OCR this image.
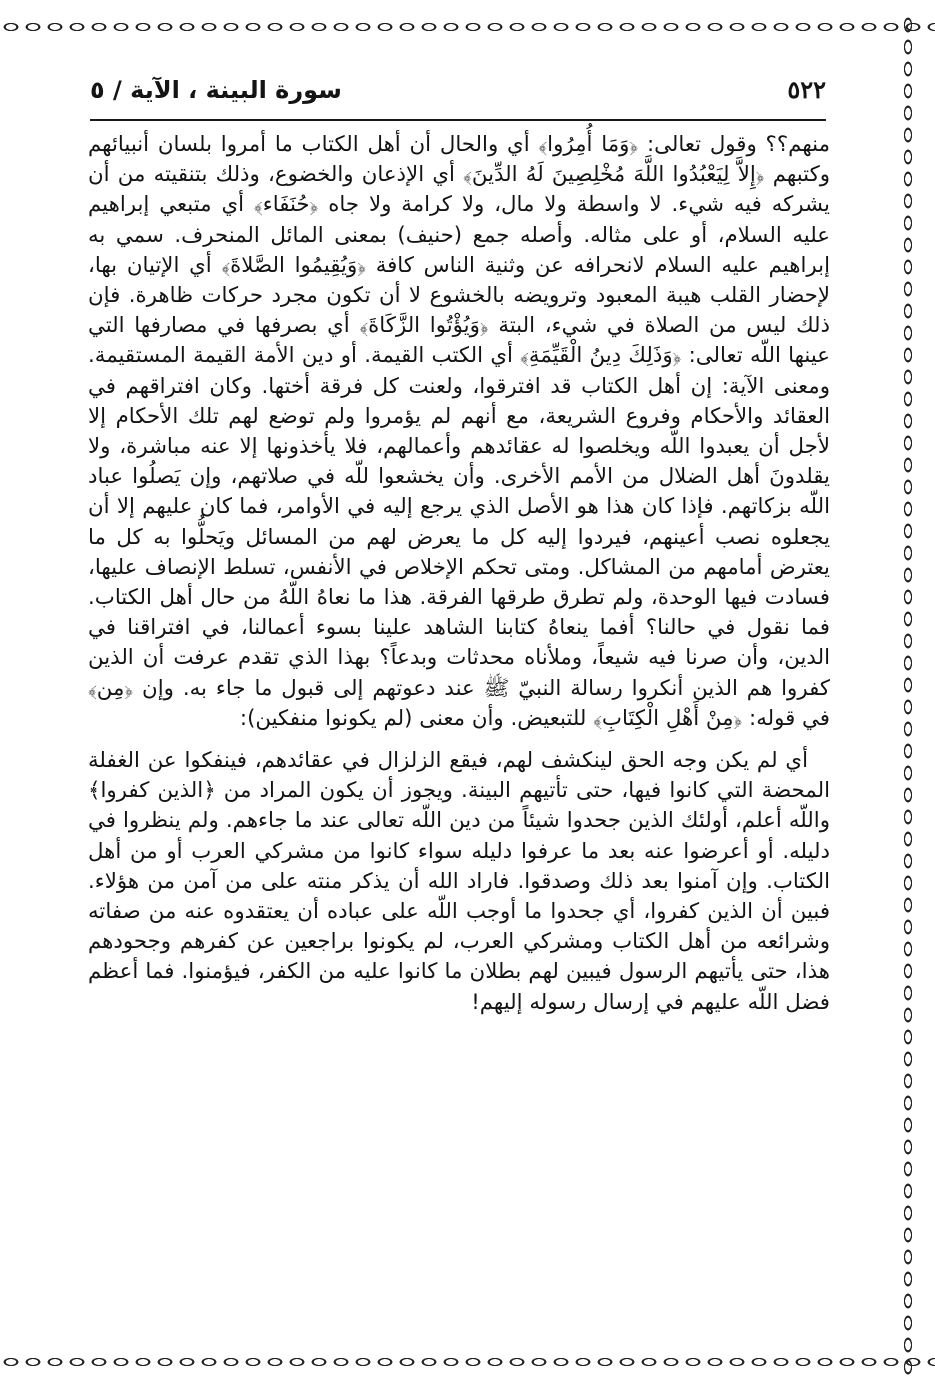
٥٢٢
سورة البينة ، الآية / ٥

منهم؟؟ وقول تعالى: ﴿وَمَا أُمِرُوا﴾ أي والحال أن أهل الكتاب ما أمروا بلسان أنبيائهم وكتبهم ﴿إِلاَّ لِيَعْبُدُوا اللَّهَ مُخْلِصِينَ لَهُ الدِّينَ﴾ أي الإذعان والخضوع، وذلك بتنقيته من أن يشركه فيه شيء. لا واسطة ولا مال، ولا كرامة ولا جاه ﴿حُنَفَاء﴾ أي متبعي إبراهيم عليه السلام، أو على مثاله. وأصله جمع (حنيف) بمعنى المائل المنحرف. سمي به إبراهيم عليه السلام لانحرافه عن وثنية الناس كافة ﴿وَيُقِيمُوا الصَّلاةَ﴾ أي الإتيان بها، لإحضار القلب هيبة المعبود وترويضه بالخشوع لا أن تكون مجرد حركات ظاهرة. فإن ذلك ليس من الصلاة في شيء، البتة ﴿وَيُؤْتُوا الزَّكَاةَ﴾ أي بصرفها في مصارفها التي عينها اللّه تعالى: ﴿وَذَلِكَ دِينُ الْقَيِّمَةِ﴾ أي الكتب القيمة. أو دين الأمة القيمة المستقيمة. ومعنى الآية: إن أهل الكتاب قد افترقوا، ولعنت كل فرقة أختها. وكان افتراقهم في العقائد والأحكام وفروع الشريعة، مع أنهم لم يؤمروا ولم توضع لهم تلك الأحكام إلا لأجل أن يعبدوا اللّه ويخلصوا له عقائدهم وأعمالهم، فلا يأخذونها إلا عنه مباشرة، ولا يقلدونَ أهل الضلال من الأمم الأخرى. وأن يخشعوا للّه في صلاتهم، وإن يَصلُوا عباد اللّه بزكاتهم. فإذا كان هذا هو الأصل الذي يرجع إليه في الأوامر، فما كان عليهم إلا أن يجعلوه نصب أعينهم، فيردوا إليه كل ما يعرض لهم من المسائل ويَحلُّوا به كل ما يعترض أمامهم من المشاكل. ومتى تحكم الإخلاص في الأنفس، تسلط الإنصاف عليها، فسادت فيها الوحدة، ولم تطرق طرقها الفرقة. هذا ما نعاهُ اللّهُ من حال أهل الكتاب. فما نقول في حالنا؟ أفما ينعاهُ كتابنا الشاهد علينا بسوء أعمالنا، في افتراقنا في الدين، وأن صرنا فيه شيعاً، وملأناه محدثات وبدعاً؟ بهذا الذي تقدم عرفت أن الذين كفروا هم الذين أنكروا رسالة النبيّ ﷺ عند دعوتهم إلى قبول ما جاء به. وإن ﴿مِن﴾ في قوله: ﴿مِنْ أَهْلِ الْكِتَابِ﴾ للتبعيض. وأن معنى (لم يكونوا منفكين):

أي لم يكن وجه الحق لينكشف لهم، فيقع الزلزال في عقائدهم، فينفكوا عن الغفلة المحضة التي كانوا فيها، حتى تأتيهم البينة. ويجوز أن يكون المراد من ﴿الذين كفروا﴾ واللّه أعلم، أولئك الذين جحدوا شيئاً من دين اللّه تعالى عند ما جاءهم. ولم ينظروا في دليله. أو أعرضوا عنه بعد ما عرفوا دليله سواء كانوا من مشركي العرب أو من أهل الكتاب. وإن آمنوا بعد ذلك وصدقوا. فاراد الله أن يذكر منته على من آمن من هؤلاء. فبين أن الذين كفروا، أي جحدوا ما أوجب اللّه على عباده أن يعتقدوه عنه من صفاته وشرائعه من أهل الكتاب ومشركي العرب، لم يكونوا براجعين عن كفرهم وجحودهم هذا، حتى يأتيهم الرسول فيبين لهم بطلان ما كانوا عليه من الكفر، فيؤمنوا. فما أعظم فضل اللّه عليهم في إرسال رسوله إليهم!
